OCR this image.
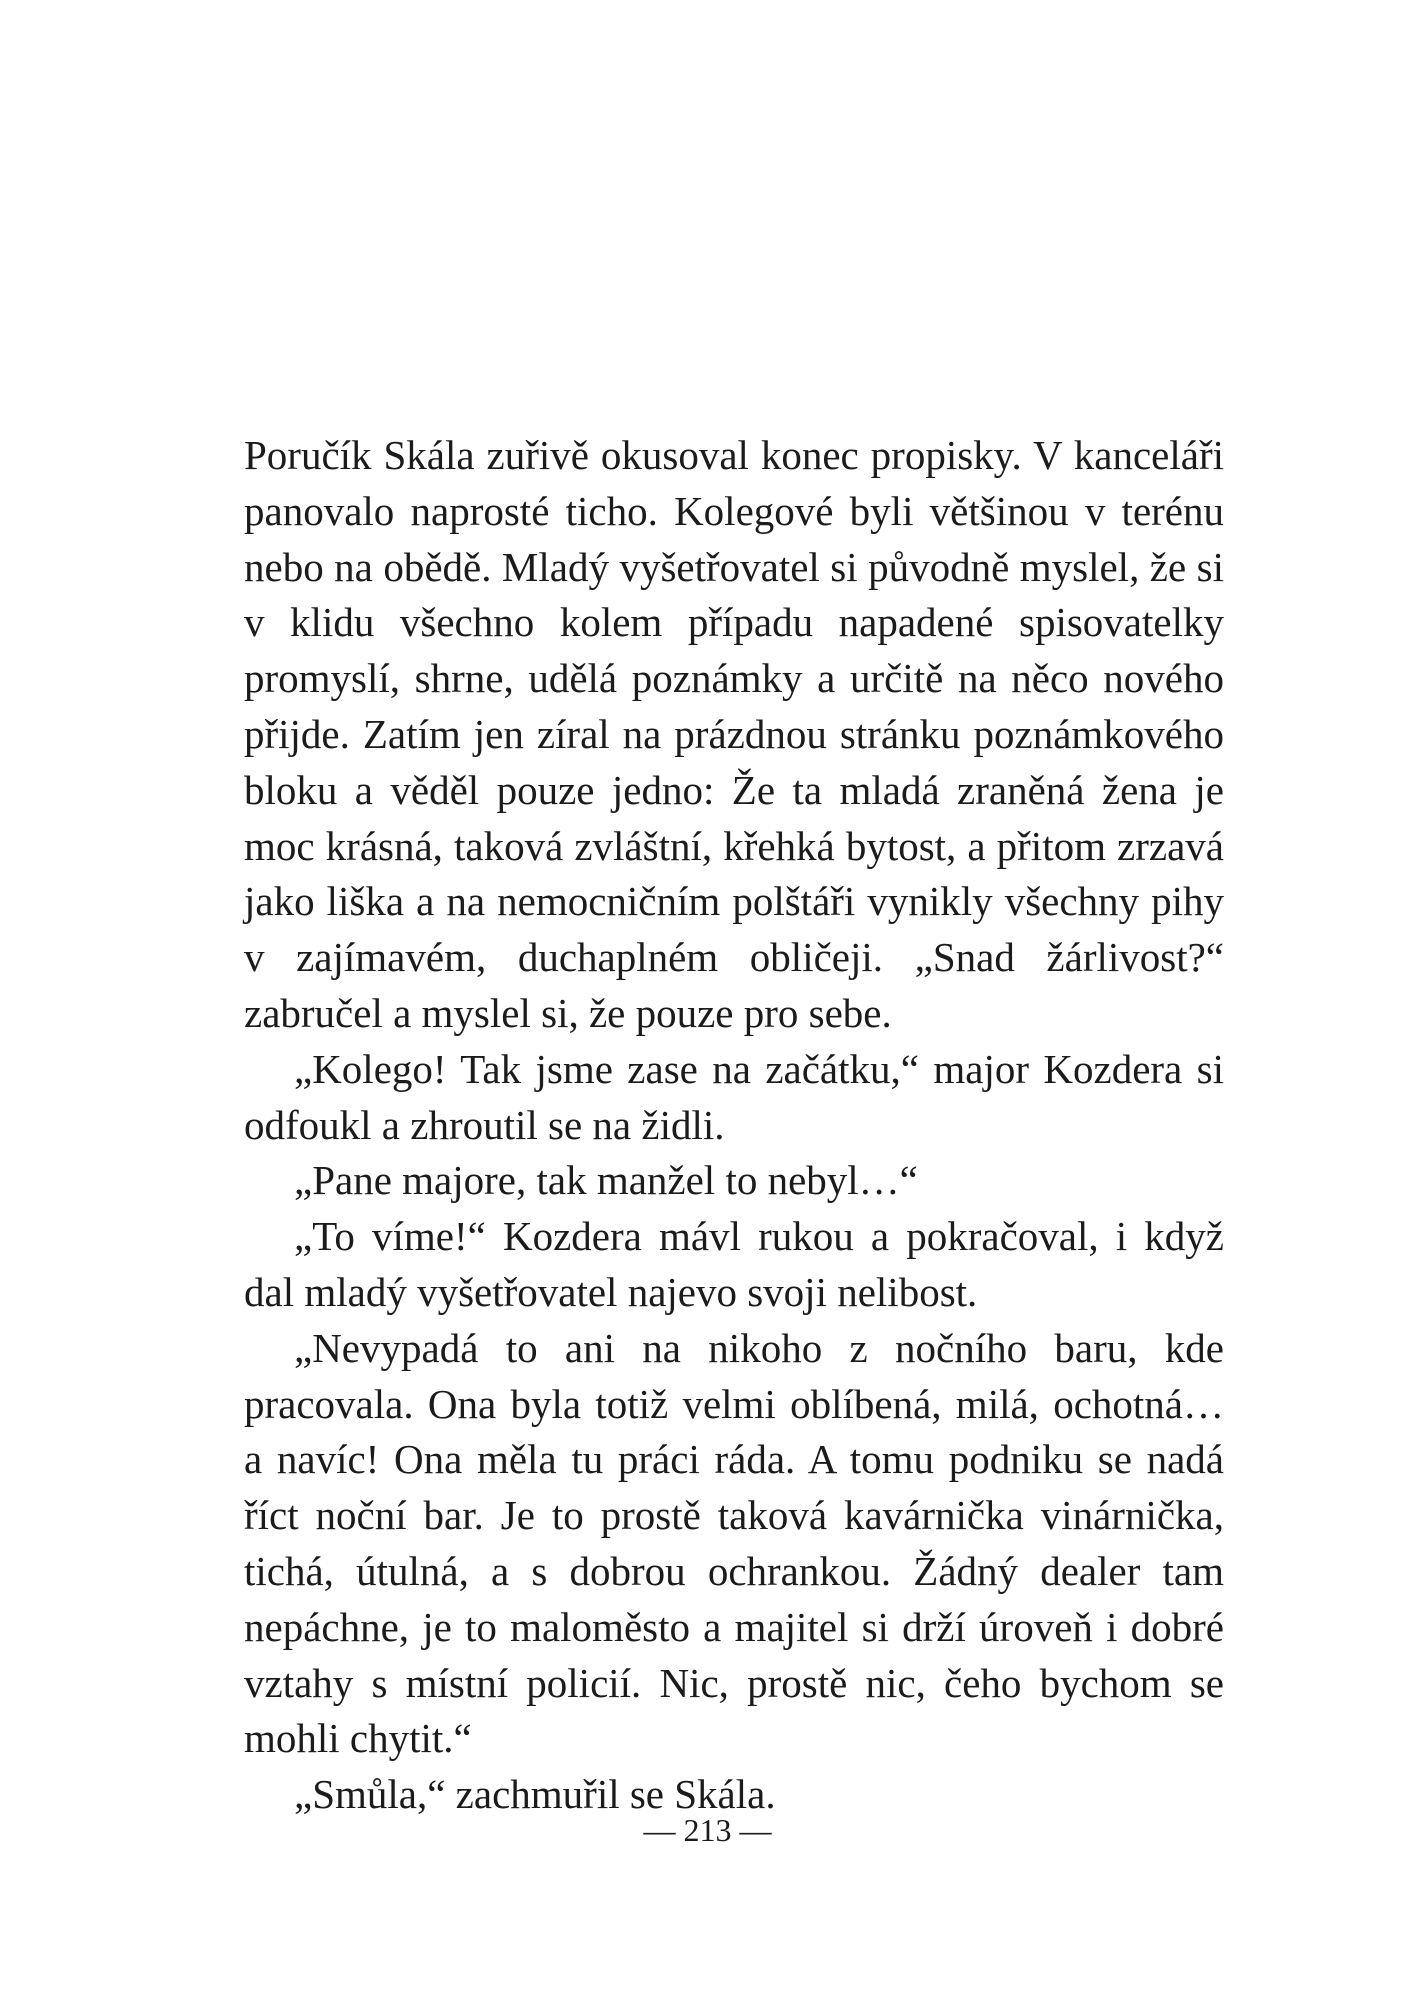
Poručík Skála zuřivě okusoval konec propisky. V kanceláři panovalo naprosté ticho. Kolegové byli většinou v terénu nebo na obědě. Mladý vyšetřovatel si původně myslel, že si v klidu všechno kolem případu napadené spisovatelky promyslí, shrne, udělá poznámky a určitě na něco nového přijde. Zatím jen zíral na prázdnou stránku poznámkového bloku a věděl pouze jedno: Že ta mladá zraněná žena je moc krásná, taková zvláštní, křehká bytost, a přitom zrzavá jako liška a na nemocničním polštáři vynikly všechny pihy v zajímavém, duchaplném obličeji. „Snad žárlivost?“ zabručel a myslel si, že pouze pro sebe.

„Kolego! Tak jsme zase na začátku,“ major Kozdera si odfoukl a zhroutil se na židli.

„Pane majore, tak manžel to nebyl…“

„To víme!“ Kozdera mávl rukou a pokračoval, i když dal mladý vyšetřovatel najevo svoji nelibost.

„Nevypadá to ani na nikoho z nočního baru, kde pracovala. Ona byla totiž velmi oblíbená, milá, ochotná… a navíc! Ona měla tu práci ráda. A tomu podniku se nadá říct noční bar. Je to prostě taková kavárnička vinárnička, tichá, útulná, a s dobrou ochrankou. Žádný dealer tam nepáchne, je to maloměsto a majitel si drží úroveň i dobré vztahy s místní policií. Nic, prostě nic, čeho bychom se mohli chytit.“

„Smůla,“ zachmuřil se Skála.

— 213 —
